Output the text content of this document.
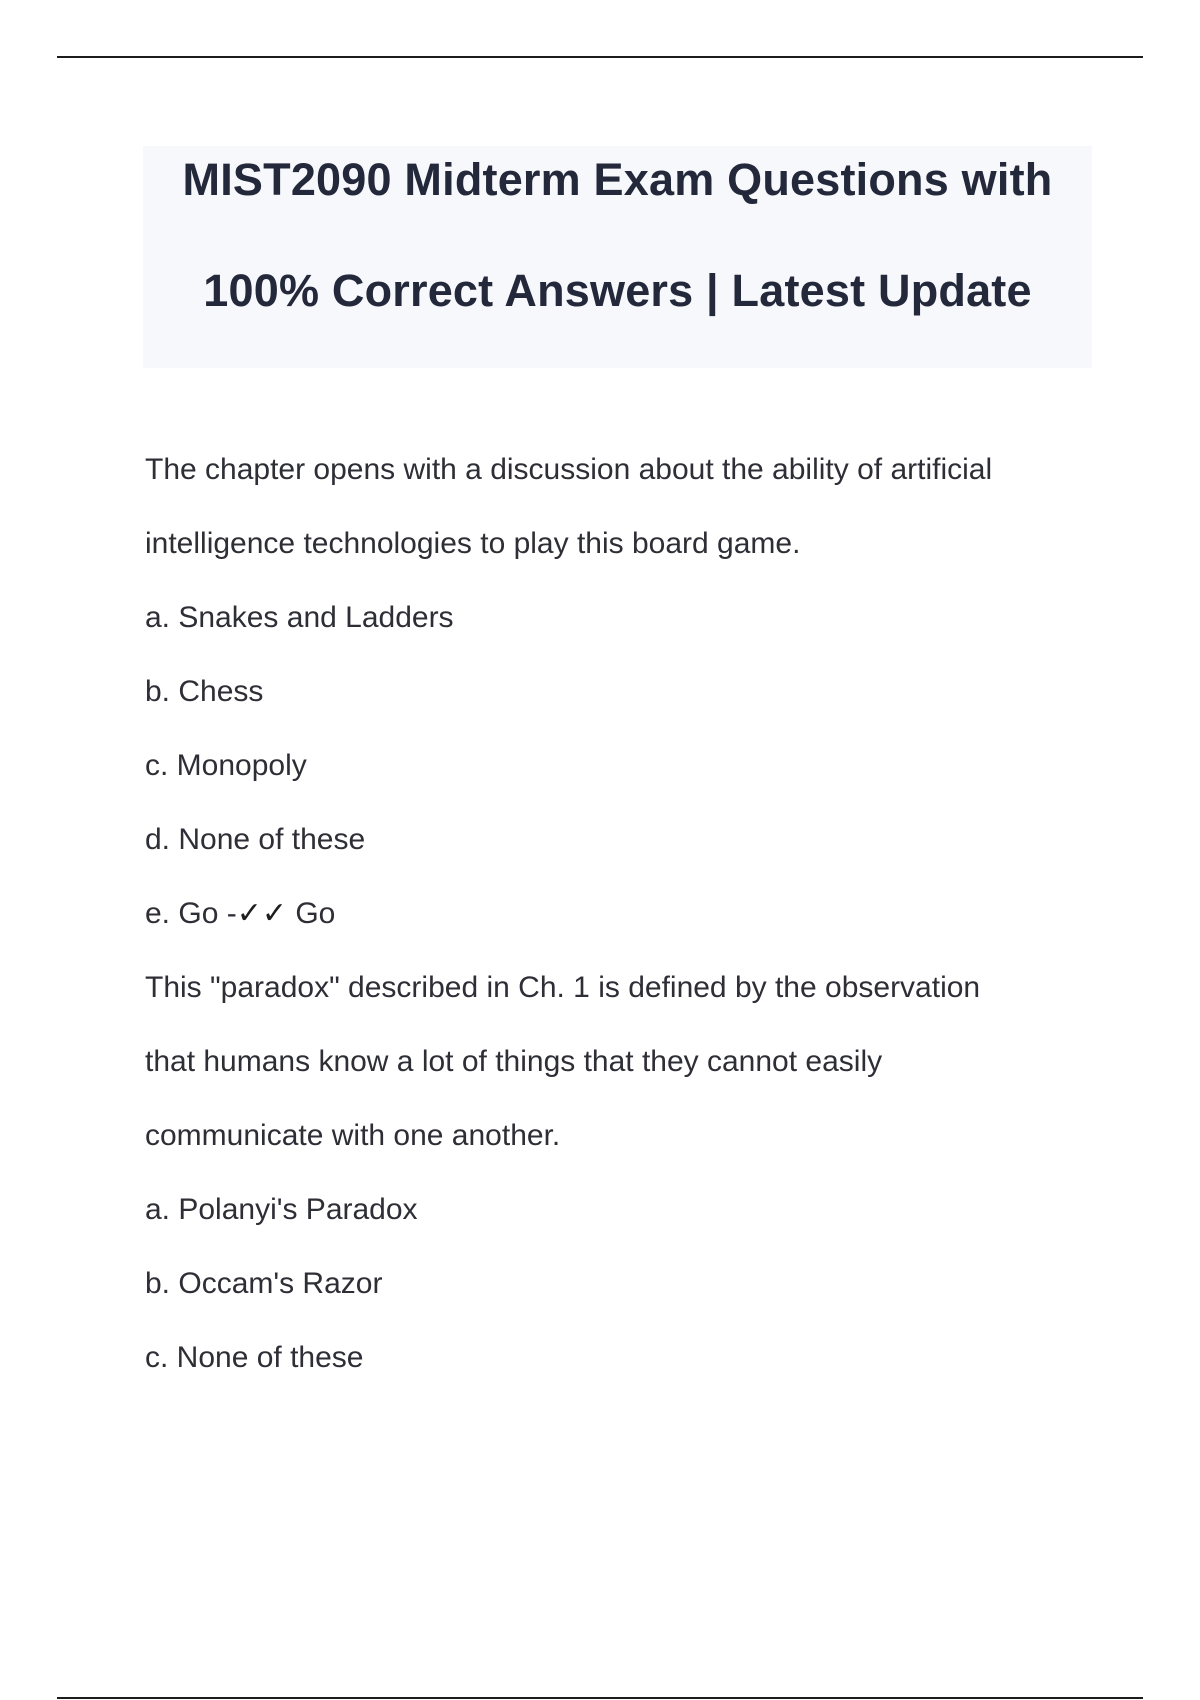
MIST2090 Midterm Exam Questions with
100% Correct Answers | Latest Update

The chapter opens with a discussion about the ability of artificial

intelligence technologies to play this board game.

a. Snakes and Ladders

b. Chess

c. Monopoly

d. None of these

e. Go -✓✓ Go

This "paradox" described in Ch. 1 is defined by the observation

that humans know a lot of things that they cannot easily

communicate with one another.

a. Polanyi's Paradox

b. Occam's Razor

c. None of these
